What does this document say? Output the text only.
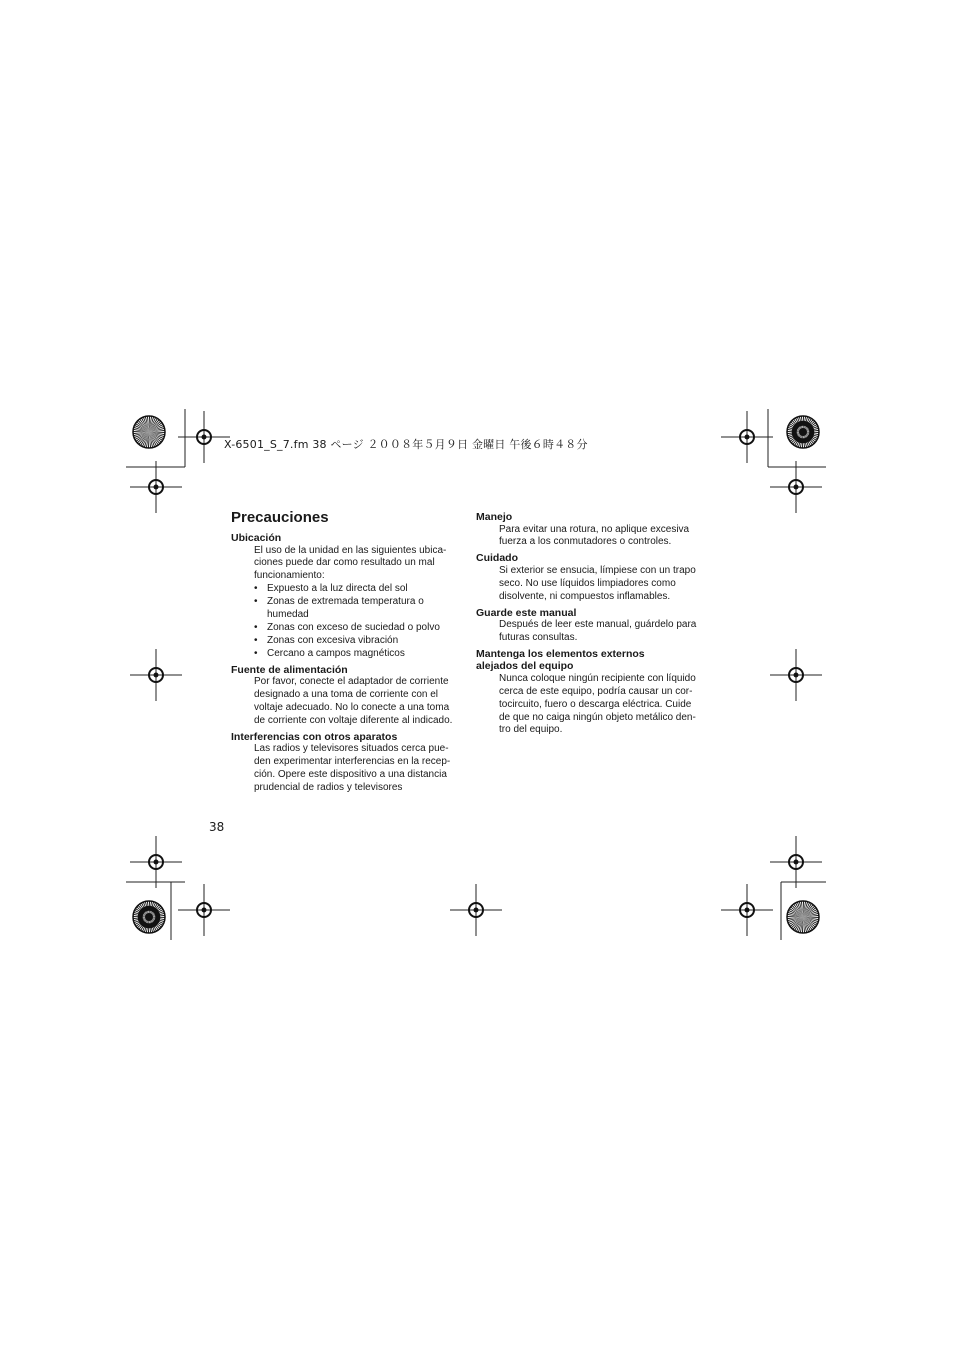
X-6501_S_7.fm 38 ページ ２００８年５月９日 金曜日 午後６時４８分
Precauciones
Ubicación

El uso de la unidad en las siguientes ubica-

ciones puede dar como resultado un mal

funcionamiento:

• Expuesto a la luz directa del sol
• Zonas de extremada temperatura o
humedad
• Zonas con exceso de suciedad o polvo
• Zonas con excesiva vibración
• Cercano a campos magnéticos
Fuente de alimentación

Por favor, conecte el adaptador de corriente

designado a una toma de corriente con el

voltaje adecuado. No lo conecte a una toma

de corriente con voltaje diferente al indicado.

Interferencias con otros aparatos

Las radios y televisores situados cerca pue-

den experimentar interferencias en la recep-

ción. Opere este dispositivo a una distancia

prudencial de radios y televisores

Manejo

Para evitar una rotura, no aplique excesiva

fuerza a los conmutadores o controles.

Cuidado

Si exterior se ensucia, límpiese con un trapo

seco. No use líquidos limpiadores como

disolvente, ni compuestos inflamables.

Guarde este manual

Después de leer este manual, guárdelo para

futuras consultas.

Mantenga los elementos externos
alejados del equipo

Nunca coloque ningún recipiente con líquido

cerca de este equipo, podría causar un cor-

tocircuito, fuero o descarga eléctrica. Cuide

de que no caiga ningún objeto metálico den-

tro del equipo.

38
